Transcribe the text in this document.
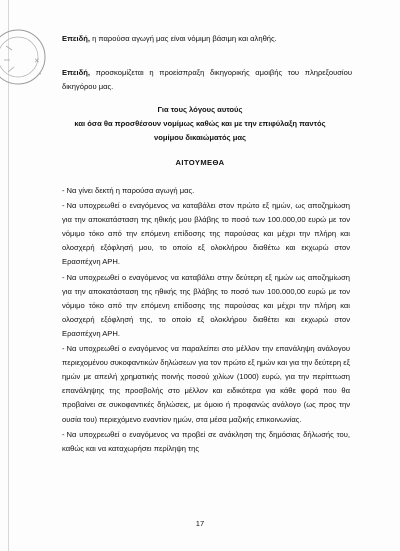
✕
•

Επειδή, η παρούσα αγωγή μας είναι νόμιμη βάσιμη και αληθής.

Επειδή, προσκομίζεται η προείσπραξη δικηγορικής αμοιβής του πληρεξουσίου δικηγόρου μας.

Για τους λόγους αυτούς

και όσα θα προσθέσουν νομίμως καθώς και με την επιφύλαξη παντός

νομίμου δικαιώματός μας

ΑΙΤΟΥΜΕΘΑ

- Να γίνει δεκτή η παρούσα αγωγή μας.
- Να υποχρεωθεί ο εναγόμενος να καταβάλει στον πρώτο εξ ημών, ως αποζημίωση για την αποκατάσταση της ηθικής μου βλάβης το ποσό των 100.000,00 ευρώ με τον νόμιμο τόκο από την επόμενη επίδοσης της παρούσας και μέχρι την πλήρη και ολοσχερή εξόφλησή μου, το οποίο εξ ολοκλήρου διαθέτω και εκχωρώ στον Ερασιτέχνη ΑΡΗ.
- Να υποχρεωθεί ο εναγόμενος να καταβάλει στην δεύτερη εξ ημών ως αποζημίωση για την αποκατάσταση της ηθικής της βλάβης το ποσό των 100.000,00 ευρώ με τον νόμιμο τόκο από την επόμενη επίδοσης της παρούσας και μέχρι την πλήρη και ολοσχερή εξόφλησή της, το οποίο εξ ολοκλήρου διαθέτει και εκχωρώ στον Ερασιτέχνη ΑΡΗ.
- Να υποχρεωθεί ο εναγόμενος να παραλείπει στο μέλλον την επανάληψη ανάλογου περιεχομένου συκοφαντικών δηλώσεων για τον πρώτο εξ ημών και για την δεύτερη εξ ημών με απειλή χρηματικής ποινής ποσού χιλίων (1000) ευρώ, για την περίπτωση επανάληψης της προσβολής στο μέλλον και ειδικότερα για κάθε φορά που θα προβαίνει σε συκοφαντικές δηλώσεις, με όμοιο ή προφανώς ανάλογο (ως προς την ουσία του) περιεχόμενο εναντίον ημών, στα μέσα μαζικής επικοινωνίας.
- Να υποχρεωθεί ο εναγόμενος να προβεί σε ανάκληση της δημόσιας δήλωσής του, καθώς και να καταχωρήσει περίληψη της

17
